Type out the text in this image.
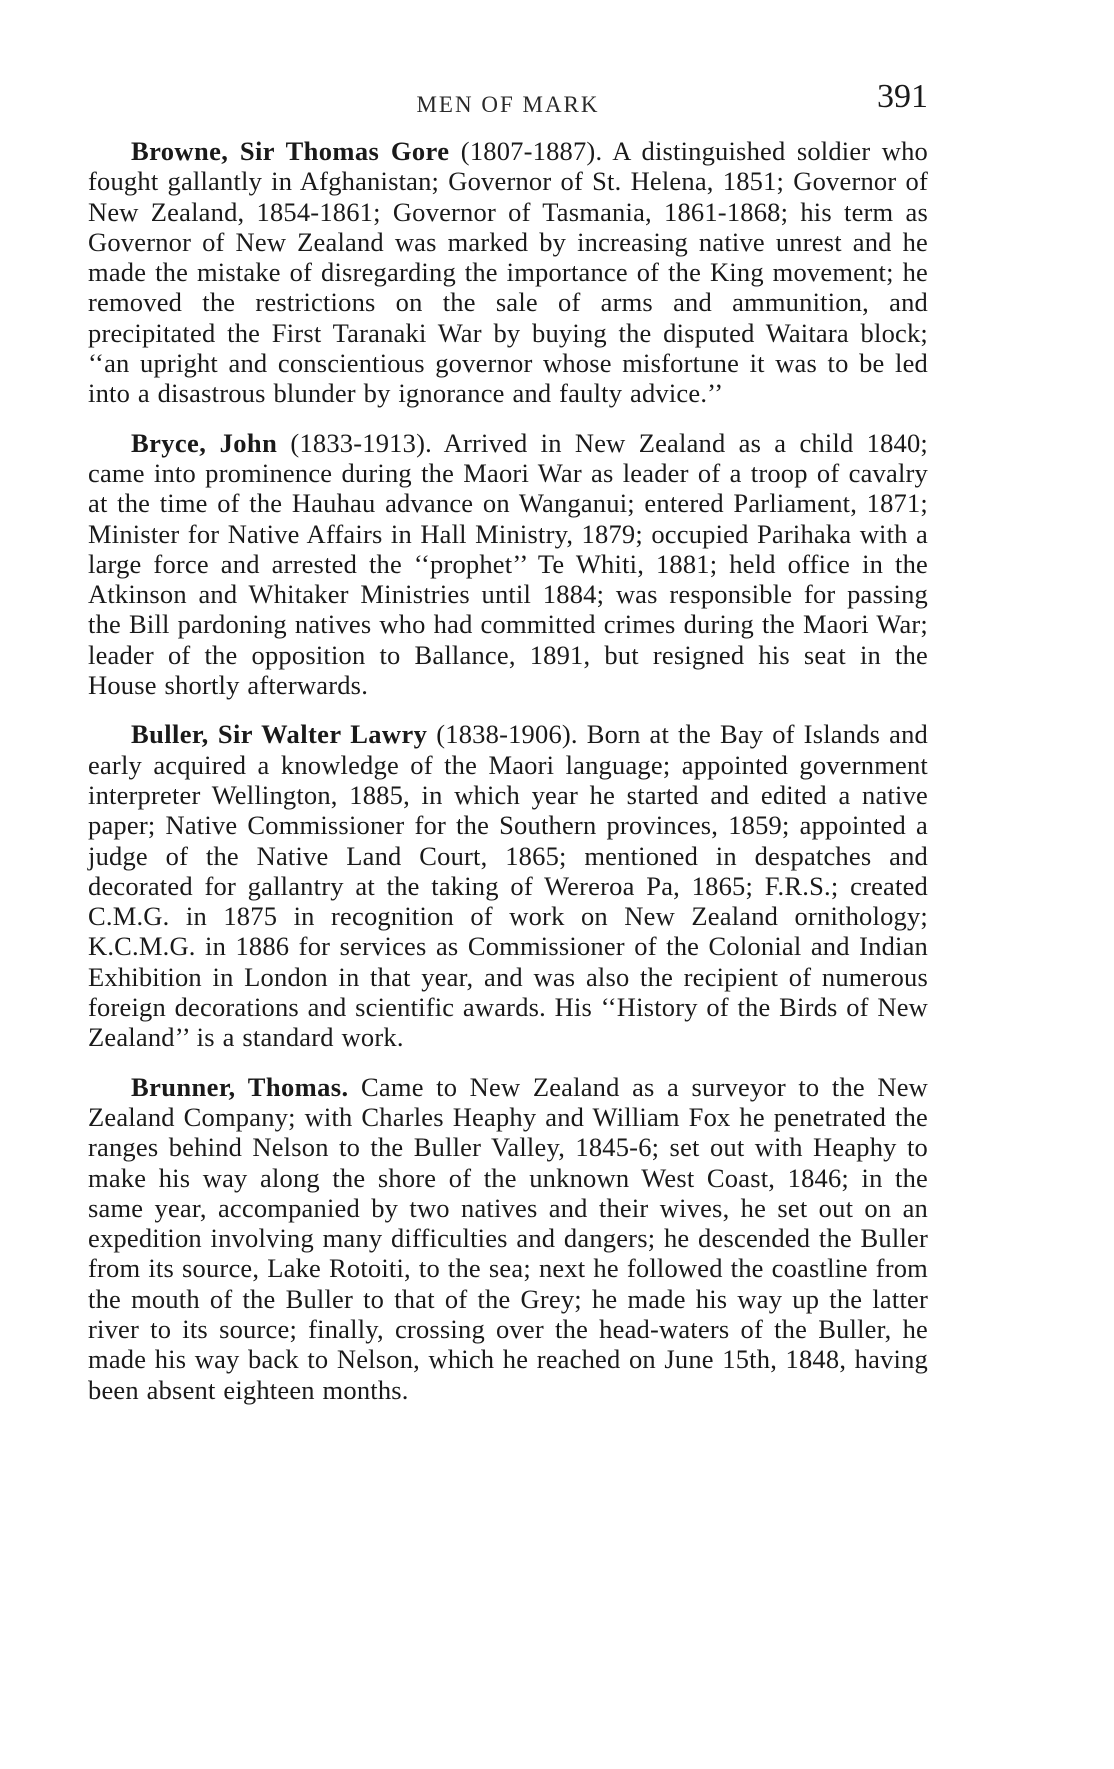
MEN OF MARK	391

Browne, Sir Thomas Gore (1807-1887). A distinguished soldier who fought gallantly in Afghanistan; Governor of St. Helena, 1851; Governor of New Zealand, 1854-1861; Governor of Tasmania, 1861-1868; his term as Governor of New Zealand was marked by increasing native unrest and he made the mistake of disregarding the importance of the King movement; he removed the restrictions on the sale of arms and ammunition, and precipitated the First Taranaki War by buying the disputed Waitara block; ‘‘an upright and conscientious governor whose misfortune it was to be led into a disastrous blunder by ignorance and faulty advice.’’

Bryce, John (1833-1913). Arrived in New Zealand as a child 1840; came into prominence during the Maori War as leader of a troop of cavalry at the time of the Hauhau advance on Wanganui; entered Parliament, 1871; Minister for Native Affairs in Hall Ministry, 1879; occupied Parihaka with a large force and arrested the ‘‘prophet’’ Te Whiti, 1881; held office in the Atkinson and Whitaker Ministries until 1884; was responsible for passing the Bill pardoning natives who had committed crimes during the Maori War; leader of the opposition to Ballance, 1891, but resigned his seat in the House shortly afterwards.

Buller, Sir Walter Lawry (1838-1906). Born at the Bay of Islands and early acquired a knowledge of the Maori language; appointed government interpreter Wellington, 1885, in which year he started and edited a native paper; Native Commissioner for the Southern provinces, 1859; appointed a judge of the Native Land Court, 1865; mentioned in despatches and decorated for gallantry at the taking of Wereroa Pa, 1865; F.R.S.; created C.M.G. in 1875 in recognition of work on New Zealand ornithology; K.C.M.G. in 1886 for services as Commissioner of the Colonial and Indian Exhibition in London in that year, and was also the recipient of numerous foreign decorations and scientific awards. His ‘‘History of the Birds of New Zealand’’ is a standard work.

Brunner, Thomas. Came to New Zealand as a surveyor to the New Zealand Company; with Charles Heaphy and William Fox he penetrated the ranges behind Nelson to the Buller Valley, 1845-6; set out with Heaphy to make his way along the shore of the unknown West Coast, 1846; in the same year, accompanied by two natives and their wives, he set out on an expedition involving many difficulties and dangers; he descended the Buller from its source, Lake Rotoiti, to the sea; next he followed the coastline from the mouth of the Buller to that of the Grey; he made his way up the latter river to its source; finally, crossing over the head-waters of the Buller, he made his way back to Nelson, which he reached on June 15th, 1848, having been absent eighteen months.
